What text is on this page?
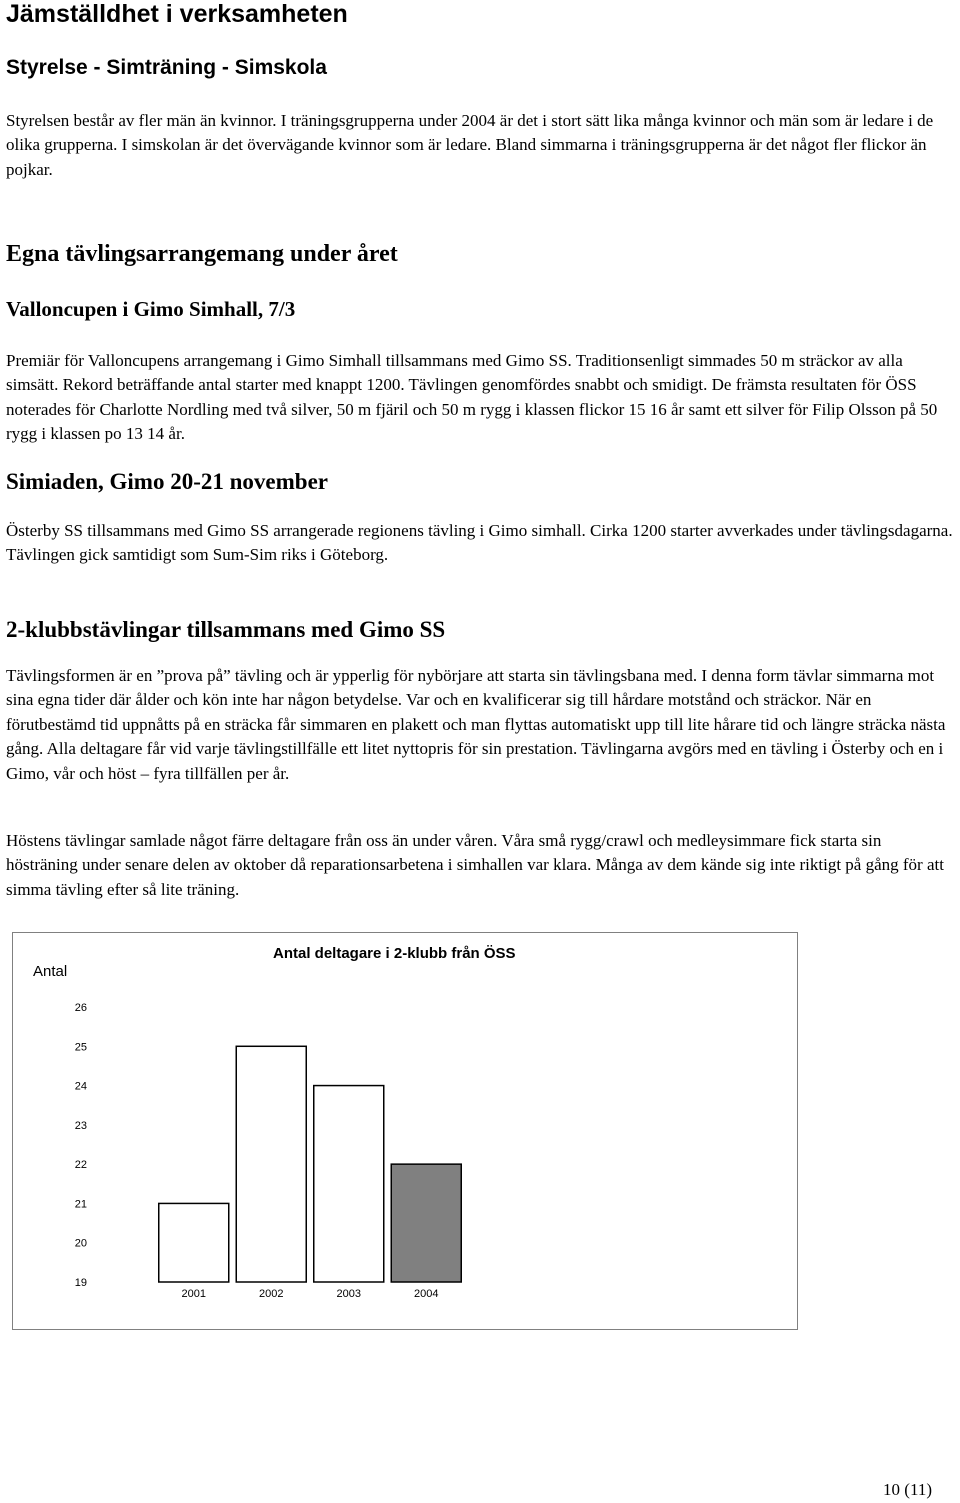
Jämställdhet i verksamheten
Styrelse - Simträning - Simskola

Styrelsen består av fler män än kvinnor. I träningsgrupperna under 2004 är det i stort sätt lika många kvinnor och män som är ledare i de olika grupperna. I simskolan är det övervägande kvinnor som är ledare. Bland simmarna i träningsgrupperna är det något fler flickor än pojkar.

Egna tävlingsarrangemang under året
Valloncupen i Gimo Simhall, 7/3

Premiär för Valloncupens arrangemang i Gimo Simhall tillsammans med Gimo SS. Traditionsenligt simmades 50 m sträckor av alla simsätt. Rekord beträffande antal starter med knappt 1200. Tävlingen genomfördes snabbt och smidigt. De främsta resultaten för ÖSS noterades för Charlotte Nordling med två silver, 50 m fjäril och 50 m rygg i klassen flickor 15 16 år samt ett silver för Filip Olsson på 50 rygg i klassen po 13 14 år.

Simiaden, Gimo 20-21 november

Österby SS tillsammans med Gimo SS arrangerade regionens tävling i Gimo simhall. Cirka 1200 starter avverkades under tävlingsdagarna. Tävlingen gick samtidigt som Sum-Sim riks i Göteborg.

2-klubbstävlingar tillsammans med Gimo SS

Tävlingsformen är en ”prova på” tävling och är ypperlig för nybörjare att starta sin tävlingsbana med. I denna form tävlar simmarna mot sina egna tider där ålder och kön inte har någon betydelse. Var och en kvalificerar sig till hårdare motstånd och sträckor. När en förutbestämd tid uppnåtts på en sträcka får simmaren en plakett och man flyttas automatiskt upp till lite hårare tid och längre sträcka nästa gång. Alla deltagare får vid varje tävlingstillfälle ett litet nyttopris för sin prestation. Tävlingarna avgörs med en tävling i Österby och en i Gimo, vår och höst – fyra tillfällen per år.

Höstens tävlingar samlade något färre deltagare från oss än under våren. Våra små rygg/crawl och medleysimmare fick starta sin hösträning under senare delen av oktober då reparationsarbetena i simhallen var klara. Många av dem kände sig inte riktigt på gång för att simma tävling efter så lite träning.

19
20
21
22
23
24
25
26
2001	2002	2003	2004
Antal deltagare i 2-klubb från ÖSS
Antal
10 (11)
